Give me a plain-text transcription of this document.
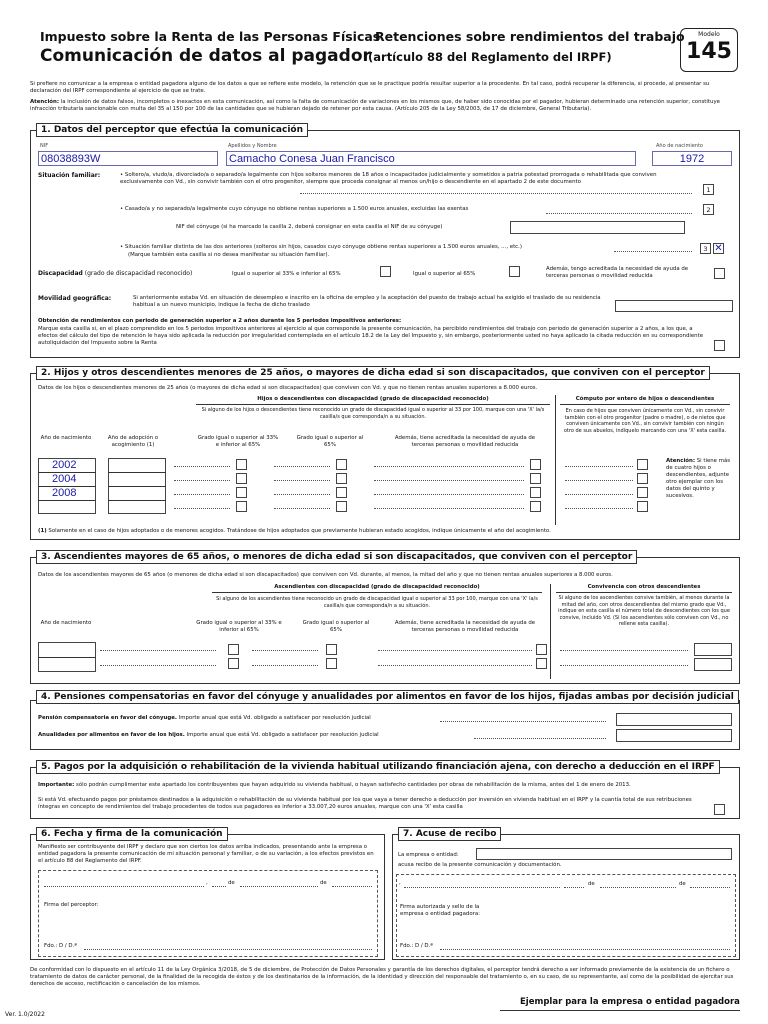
Impuesto sobre la Renta de las Personas Físicas
Retenciones sobre rendimientos del trabajo
Comunicación de datos al pagador
(artículo 88 del Reglamento del IRPF)
Modelo
145
Si prefiere no comunicar a la empresa o entidad pagadora alguno de los datos a que se refiere este modelo, la retención que se le practique podría resultar superior a la procedente. En tal caso, podrá recuperar la diferencia, si procede, al presentar su declaración del IRPF correspondiente al ejercicio de que se trate.
Atención: la inclusión de datos falsos, incompletos o inexactos en esta comunicación, así como la falta de comunicación de variaciones en los mismos que, de haber sido conocidas por el pagador, hubieran determinado una retención superior, constituye infracción tributaria sancionable con multa del 35 al 150 por 100 de las cantidades que se hubieran dejado de retener por esta causa. (Artículo 205 de la Ley 58/2003, de 17 de diciembre, General Tributaria).
1. Datos del perceptor que efectúa la comunicación
NIF
08038893W
Apellidos y Nombre
Camacho Conesa Juan Francisco
Año de nacimiento
1972
Situación familiar:	• Soltero/a, viudo/a, divorciado/a o separado/a legalmente con hijos solteros menores de 18 años o incapacitados judicialmente y sometidos a patria potestad prorrogada o rehabilitada que conviven exclusivamente con Vd., sin convivir también con el otro progenitor, siempre que proceda consignar al menos un/hijo o descendiente en el apartado 2 de este documento
1
• Casado/a y no separado/a legalmente cuyo cónyuge no obtiene rentas superiores a 1.500 euros anuales, excluidas las exentas	2
NIF del cónyuge (si ha marcado la casilla 2, deberá consignar en esta casilla el NIF de su cónyuge)
• Situación familiar distinta de las dos anteriores (solteros sin hijos, casados cuyo cónyuge obtiene rentas superiores a 1.500 euros anuales, ..., etc.)
(Marque también esta casilla si no desea manifestar su situación familiar).
3 ✕
Discapacidad (grado de discapacidad reconocido)	Igual o superior al 33% e inferior al 65%	Igual o superior al 65%
Además, tengo acreditada la necesidad de ayuda de terceras personas o movilidad reducida
Movilidad geográfica:	Si anteriormente estaba Vd. en situación de desempleo e inscrito en la oficina de empleo y la aceptación del puesto de trabajo actual ha exigido el traslado de su residencia habitual a un nuevo municipio, indique la fecha de dicho traslado
Obtención de rendimientos con periodo de generación superior a 2 años durante los 5 periodos impositivos anteriores:
Marque esta casilla si, en el plazo comprendido en los 5 periodos impositivos anteriores al ejercicio al que corresponde la presente comunicación, ha percibido rendimientos del trabajo con periodo de generación superior a 2 años, a los que, a efectos del cálculo del tipo de retención le haya sido aplicada la reducción por irregularidad contemplada en el artículo 18.2 de la Ley del Impuesto y, sin embargo, posteriormente usted no haya aplicado la citada reducción en su correspondiente autoliquidación del Impuesto sobre la Renta
2. Hijos y otros descendientes menores de 25 años, o mayores de dicha edad si son discapacitados, que conviven con el perceptor
Datos de los hijos o descendientes menores de 25 años (o mayores de dicha edad si son discapacitados) que conviven con Vd. y que no tienen rentas anuales superiores a 8.000 euros.
Hijos o descendientes con discapacidad (grado de discapacidad reconocido)
Si alguno de los hijos o descendientes tiene reconocido un grado de discapacidad igual o superior al 33 por 100, marque con una 'X' la/s casilla/s que corresponda/n a su situación.
Cómputo por entero de hijos o descendientes
En caso de hijos que conviven únicamente con Vd., sin convivir también con el otro progenitor (padre o madre), o de nietos que conviven únicamente con Vd., sin convivir también con ningún otro de sus abuelos, indíquelo marcando con una 'X' esta casilla.
Año de nacimiento	Año de adopción o acogimiento (1)
Grado igual o superior al 33% e inferior al 65%
Grado igual o superior al 65%
Además, tiene acreditada la necesidad de ayuda de terceras personas o movilidad reducida
2002
2004
2008
Atención: Si tiene más de cuatro hijos o descendientes, adjunte otro ejemplar con los datos del quinto y sucesivos.
(1) Solamente en el caso de hijos adoptados o de menores acogidos. Tratándose de hijos adoptados que previamente hubieran estado acogidos, indique únicamente el año del acogimiento.
3. Ascendientes mayores de 65 años, o menores de dicha edad si son discapacitados, que conviven con el perceptor
Datos de los ascendientes mayores de 65 años (o menores de dicha edad si son discapacitados) que conviven con Vd. durante, al menos, la mitad del año y que no tienen rentas anuales superiores a 8.000 euros.
Ascendientes con discapacidad (grado de discapacidad reconocido)
Si alguno de los ascendientes tiene reconocido un grado de discapacidad igual o superior al 33 por 100, marque con una 'X' la/s casilla/s que corresponda/n a su situación.
Convivencia con otros descendientes
Si alguno de los ascendientes convive también, al menos durante la mitad del año, con otros descendientes del mismo grado que Vd., indique en esta casilla el número total de descendientes con los que convive, incluido Vd. (Si los ascendientes sólo conviven con Vd., no rellene esta casilla).
Año de nacimiento	Grado igual o superior al 33% e inferior al 65%
Grado igual o superior al 65%
Además, tiene acreditada la necesidad de ayuda de terceras personas o movilidad reducida
4. Pensiones compensatorias en favor del cónyuge y anualidades por alimentos en favor de los hijos, fijadas ambas por decisión judicial
Pensión compensatoria en favor del cónyuge. Importe anual que está Vd. obligado a satisfacer por resolución judicial
Anualidades por alimentos en favor de los hijos. Importe anual que está Vd. obligado a satisfacer por resolución judicial
5. Pagos por la adquisición o rehabilitación de la vivienda habitual utilizando financiación ajena, con derecho a deducción en el IRPF
Importante: sólo podrán cumplimentar este apartado los contribuyentes que hayan adquirido su vivienda habitual, o hayan satisfecho cantidades por obras de rehabilitación de la misma, antes del 1 de enero de 2013.
Si está Vd. efectuando pagos por préstamos destinados a la adquisición o rehabilitación de su vivienda habitual por los que vaya a tener derecho a deducción por inversión en vivienda habitual en el IRPF y la cuantía total de sus retribuciones íntegras en concepto de rendimientos del trabajo procedentes de todos sus pagadores es inferior a 33.007,20 euros anuales, marque con una 'X' esta casilla
6. Fecha y firma de la comunicación
Manifiesto ser contribuyente del IRPF y declaro que son ciertos los datos arriba indicados, presentando ante la empresa o entidad pagadora la presente comunicación de mi situación personal y familiar, o de su variación, a los efectos previstos en el artículo 88 del Reglamento del IRPF.
,	de	de
Firma del perceptor:
Fdo.: D / D.ª
7. Acuse de recibo
La empresa o entidad:
acusa recibo de la presente comunicación y documentación.
,	de	de
Firma autorizada y sello de la empresa o entidad pagadora:
Fdo.: D / D.ª
De conformidad con lo dispuesto en el artículo 11 de la Ley Orgánica 3/2018, de 5 de diciembre, de Protección de Datos Personales y garantía de los derechos digitales, el perceptor tendrá derecho a ser informado previamente de la existencia de un fichero o tratamiento de datos de carácter personal, de la finalidad de la recogida de éstos y de los destinatarios de la información, de la identidad y dirección del responsable del tratamiento o, en su caso, de su representante, así como de la posibilidad de ejercitar sus derechos de acceso, rectificación o cancelación de los mismos.
Ejemplar para la empresa o entidad pagadora
Ver. 1.0/2022
